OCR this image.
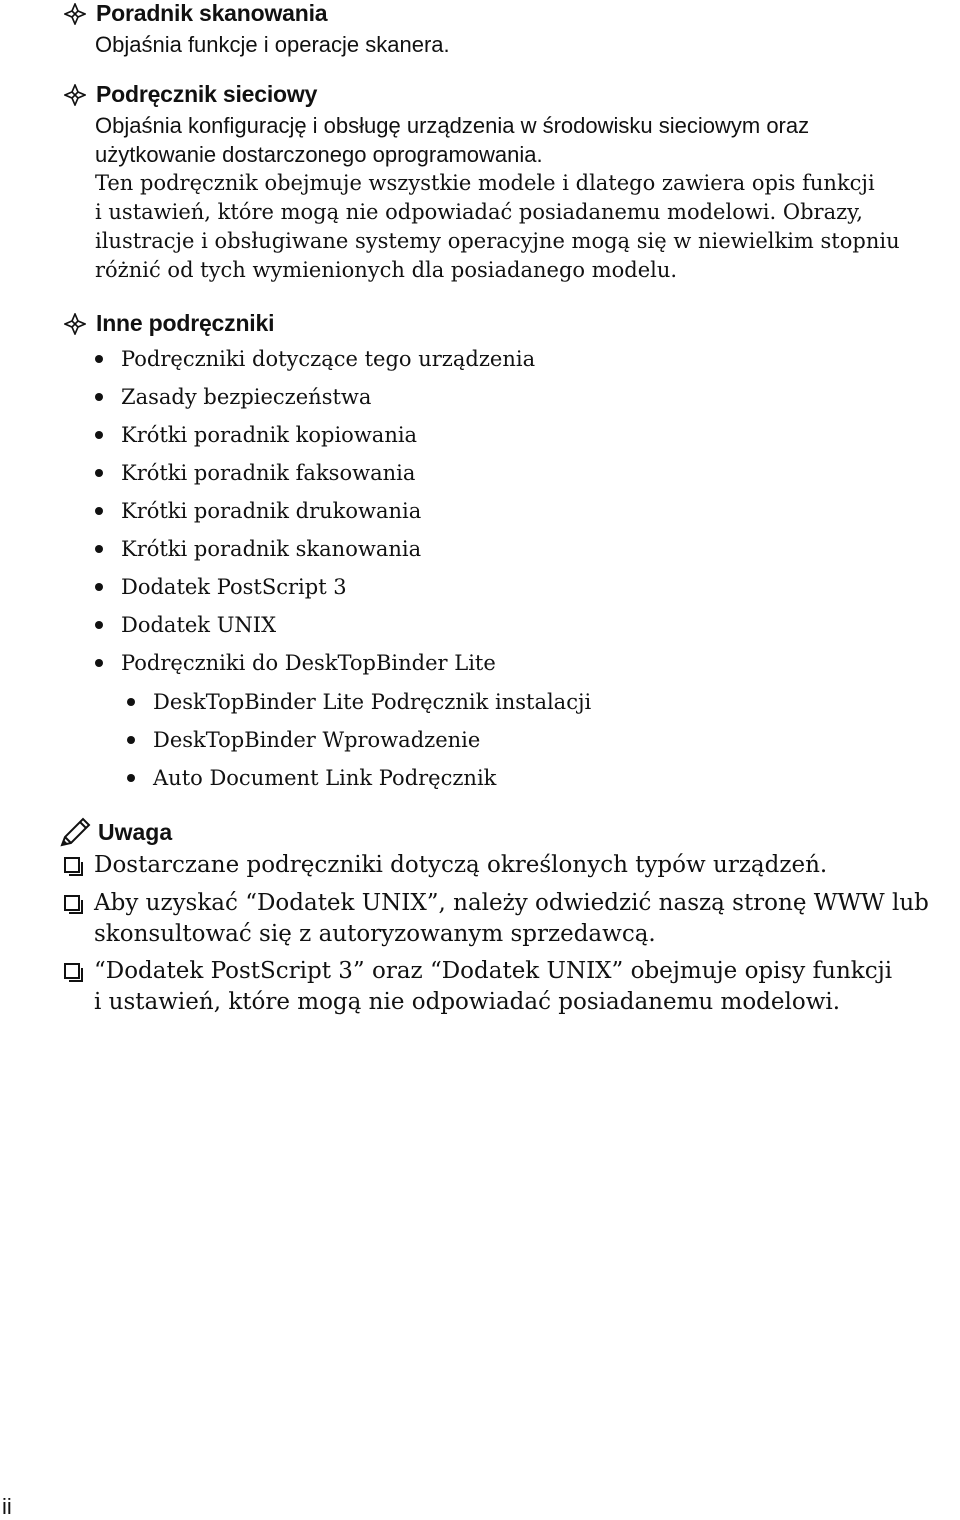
Poradnik skanowania
Objaśnia funkcje i operacje skanera.
Podręcznik sieciowy
Objaśnia konfigurację i obsługę urządzenia w środowisku sieciowym oraz
użytkowanie dostarczonego oprogramowania.
Ten podręcznik obejmuje wszystkie modele i dlatego zawiera opis funkcji
i ustawień, które mogą nie odpowiadać posiadanemu modelowi. Obrazy,
ilustracje i obsługiwane systemy operacyjne mogą się w niewielkim stopniu
różnić od tych wymienionych dla posiadanego modelu.
Inne podręczniki
Podręczniki dotyczące tego urządzenia
Zasady bezpieczeństwa
Krótki poradnik kopiowania
Krótki poradnik faksowania
Krótki poradnik drukowania
Krótki poradnik skanowania
Dodatek PostScript 3
Dodatek UNIX
Podręczniki do DeskTopBinder Lite
DeskTopBinder Lite Podręcznik instalacji
DeskTopBinder Wprowadzenie
Auto Document Link Podręcznik
Uwaga
Dostarczane podręczniki dotyczą określonych typów urządzeń.
Aby uzyskać “Dodatek UNIX”, należy odwiedzić naszą stronę WWW lub
skonsultować się z autoryzowanym sprzedawcą.
“Dodatek PostScript 3” oraz “Dodatek UNIX” obejmuje opisy funkcji
i ustawień, które mogą nie odpowiadać posiadanemu modelowi.
ii
